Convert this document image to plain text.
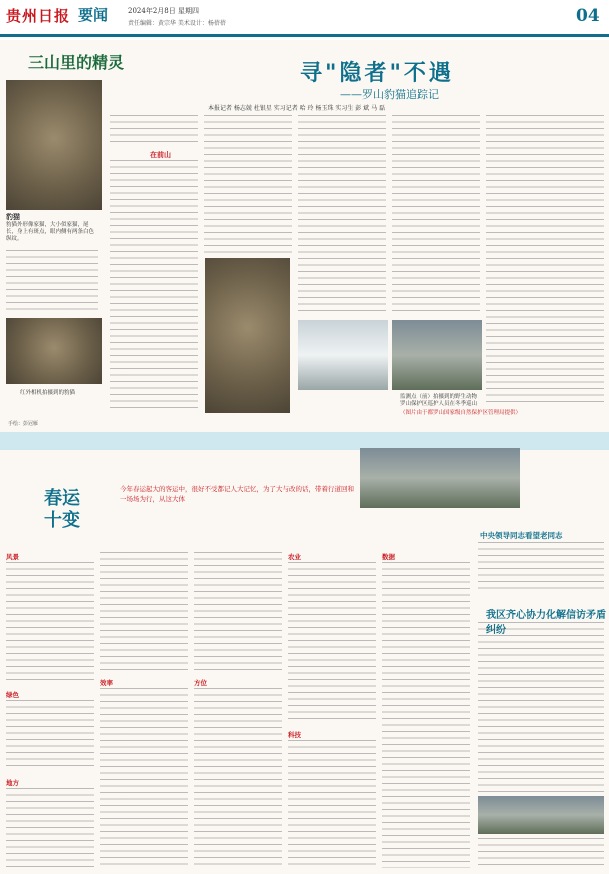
贵州日报 要闻	2024年2月8日 星期四
责任编辑：黄宗华 美术设计：杨蓓蓓	04
三山里的精灵
豹猫
豹猫外形像家猫，大小似家猫，尾长，身上有斑点，眼内侧有两条白色纵纹。
红外相机拍摄到的豹猫
寻"隐者"不遇
——罗山豹猫追踪记
本报记者 杨志兢 杜银星 实习记者 哈 玲 杨玉珠 实习生 彭 斌 马 磊
在前山
监测点（前）拍摄到的野生动物
罗山保护区巡护人员在冬季巡山
（图片由于都罗山国家级自然保护区管理局提供）
手绘：彭冠雁
春运
十变
今年春运起大的客运中，很好不受都记人大记忆，为了大与改的话，带着行道回和一场场为行，从这大体
风景
绿色
地方
效率	方位
农业
科技
数据
中央领导同志看望老同志
我区齐心协力化解信访矛盾纠纷
